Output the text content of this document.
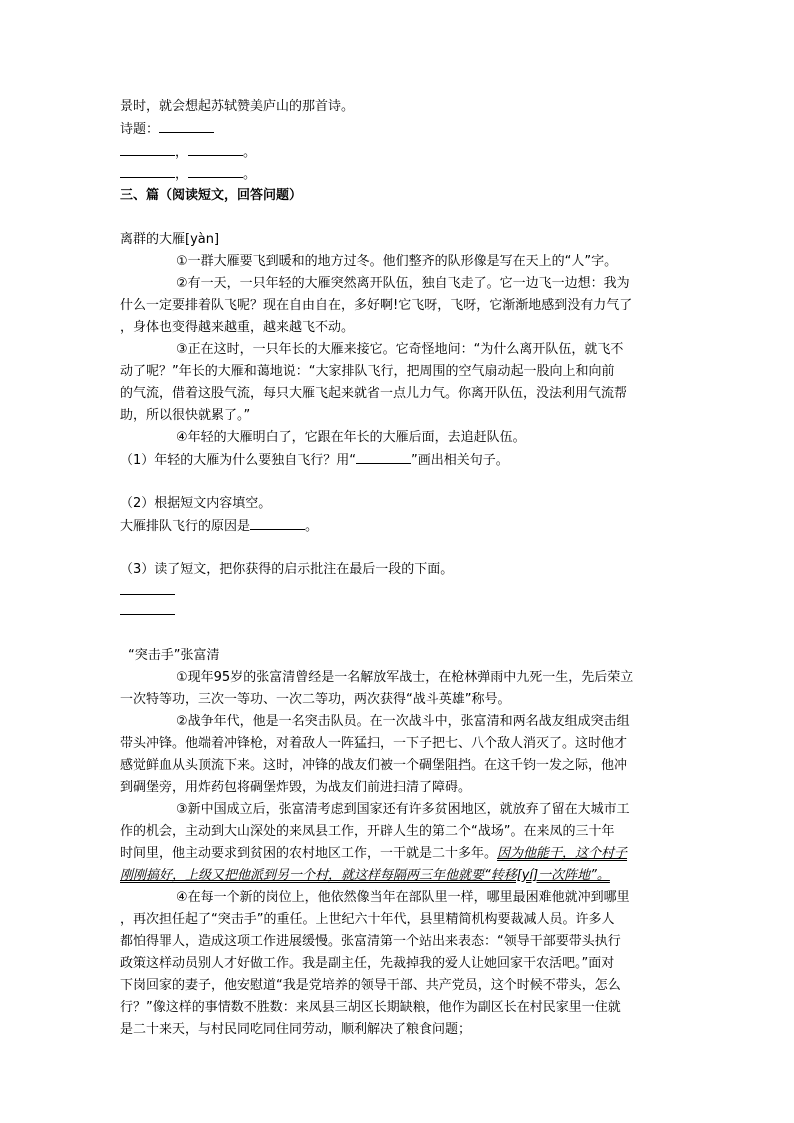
景时，就会想起苏轼赞美庐山的那首诗。
诗题：
，	。
，	。
三、篇（阅读短文，回答问题）
离群的大雁[yàn]
①一群大雁要飞到暖和的地方过冬。他们整齐的队形像是写在天上的“人”字。
②有一天，一只年轻的大雁突然离开队伍，独自飞走了。它一边飞一边想：我为
什么一定要排着队飞呢？现在自由自在，多好啊!它飞呀，飞呀，它渐渐地感到没有力气了
，身体也变得越来越重，越来越飞不动。
③正在这时，一只年长的大雁来接它。它奇怪地问：“为什么离开队伍，就飞不
动了呢？”年长的大雁和蔼地说：“大家排队飞行，把周围的空气扇动起一股向上和向前
的气流，借着这股气流，每只大雁飞起来就省一点儿力气。你离开队伍，没法利用气流帮
助，所以很快就累了。”
④年轻的大雁明白了，它跟在年长的大雁后面，去追赶队伍。
（1）年轻的大雁为什么要独自飞行？用“	”画出相关句子。
（2）根据短文内容填空。
大雁排队飞行的原因是	。
（3）读了短文，把你获得的启示批注在最后一段的下面。
“突击手”张富清
①现年95岁的张富清曾经是一名解放军战士，在枪林弹雨中九死一生，先后荣立
一次特等功，三次一等功、一次二等功，两次获得“战斗英雄”称号。
②战争年代，他是一名突击队员。在一次战斗中，张富清和两名战友组成突击组
带头冲锋。他端着冲锋枪，对着敌人一阵猛扫，一下子把七、八个敌人消灭了。这时他才
感觉鲜血从头顶流下来。这时，冲锋的战友们被一个碉堡阻挡。在这千钧一发之际，他冲
到碉堡旁，用炸药包将碉堡炸毁，为战友们前进扫清了障碍。
③新中国成立后，张富清考虑到国家还有许多贫困地区，就放弃了留在大城市工
作的机会，主动到大山深处的来凤县工作，开辟人生的第二个“战场”。在来凤的三十年
时间里，他主动要求到贫困的农村地区工作，一干就是二十多年。因为他能干，这个村子
刚刚搞好，上级又把他派到另一个村，就这样每隔两三年他就要“转移[yí]一次阵地”。
④在每一个新的岗位上，他依然像当年在部队里一样，哪里最困难他就冲到哪里
，再次担任起了“突击手”的重任。上世纪六十年代，县里精简机构要裁减人员。许多人
都怕得罪人，造成这项工作进展缓慢。张富清第一个站出来表态：“领导干部要带头执行
政策这样动员别人才好做工作。我是副主任，先裁掉我的爱人让她回家干农活吧。”面对
下岗回家的妻子，他安慰道“我是党培养的领导干部、共产党员，这个时候不带头，怎么
行？”像这样的事情数不胜数：来凤县三胡区长期缺粮，他作为副区长在村民家里一住就
是二十来天，与村民同吃同住同劳动，顺利解决了粮食问题；
